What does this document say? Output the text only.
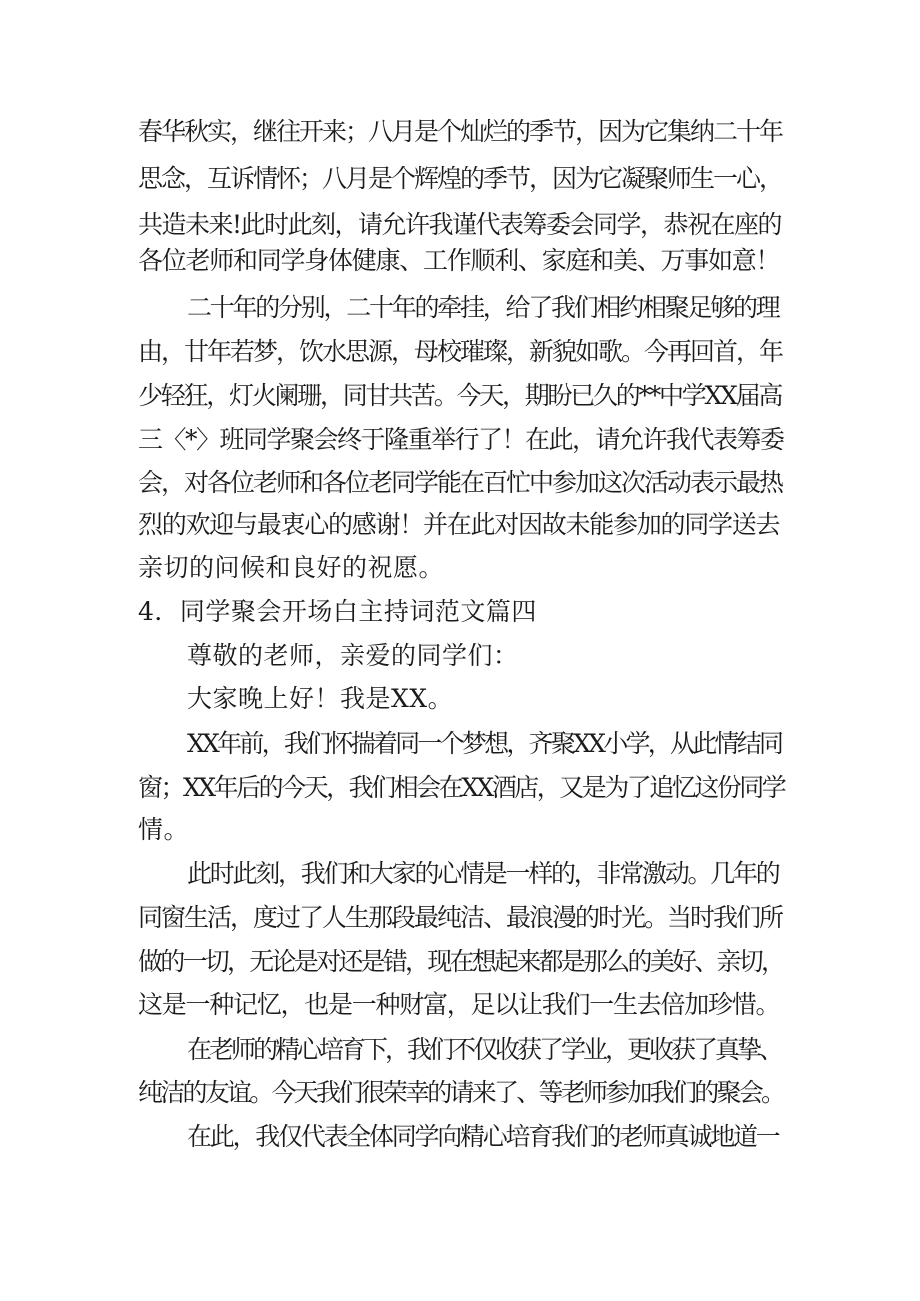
春华秋实，继往开来；八月是个灿烂的季节，因为它集纳二十年
思念，互诉情怀；八月是个辉煌的季节，因为它凝聚师生一心，
共造未来!此时此刻，请允许我谨代表筹委会同学，恭祝在座的
各位老师和同学身体健康、工作顺利、家庭和美、万事如意！
二十年的分别，二十年的牵挂，给了我们相约相聚足够的理
由，廿年若梦，饮水思源，母校璀璨，新貌如歌。今再回首，年
少轻狂，灯火阑珊，同甘共苦。今天，期盼已久的**中学XX届高
三〈*〉班同学聚会终于隆重举行了！在此，请允许我代表筹委
会，对各位老师和各位老同学能在百忙中参加这次活动表示最热
烈的欢迎与最衷心的感谢！并在此对因故未能参加的同学送去
亲切的问候和良好的祝愿。
4．同学聚会开场白主持词范文篇四
尊敬的老师，亲爱的同学们：
大家晚上好！我是XX。
XX年前，我们怀揣着同一个梦想，齐聚XX小学，从此情结同
窗；XX年后的今天，我们相会在XX酒店，又是为了追忆这份同学
情。
此时此刻，我们和大家的心情是一样的，非常激动。几年的
同窗生活，度过了人生那段最纯洁、最浪漫的时光。当时我们所
做的一切，无论是对还是错，现在想起来都是那么的美好、亲切，
这是一种记忆，也是一种财富，足以让我们一生去倍加珍惜。
在老师的精心培育下，我们不仅收获了学业，更收获了真挚、
纯洁的友谊。今天我们很荣幸的请来了、等老师参加我们的聚会。
在此，我仅代表全体同学向精心培育我们的老师真诚地道一
